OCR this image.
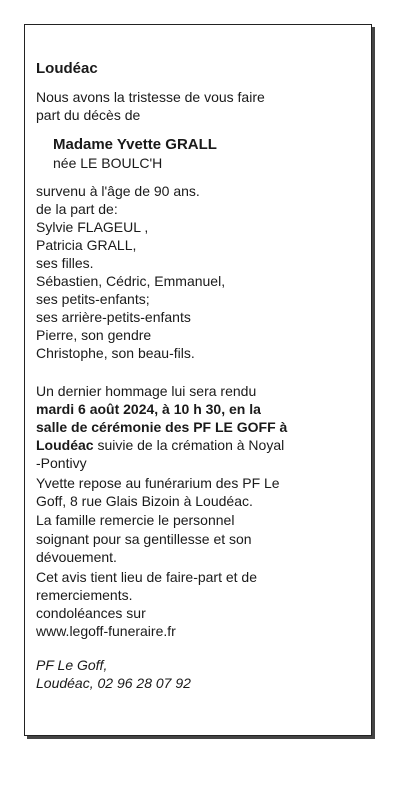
Loudéac
Nous avons la tristesse de vous faire
part du décès de
Madame Yvette GRALL
née LE BOULC'H
survenu à l'âge de 90 ans.
de la part de:
Sylvie FLAGEUL ,
Patricia GRALL,
ses filles.
Sébastien, Cédric, Emmanuel,
ses petits-enfants;
ses arrière-petits-enfants
Pierre, son gendre
Christophe, son beau-fils.
Un dernier hommage lui sera rendu
mardi 6 août 2024, à 10 h 30, en la
salle de cérémonie des PF LE GOFF à
Loudéac suivie de la crémation à Noyal
-Pontivy
Yvette repose au funérarium des PF Le
Goff, 8 rue Glais Bizoin à Loudéac.
La famille remercie le personnel
soignant pour sa gentillesse et son
dévouement.
Cet avis tient lieu de faire-part et de
remerciements.
condoléances sur
www.legoff-funeraire.fr
PF Le Goff,
Loudéac, 02 96 28 07 92
